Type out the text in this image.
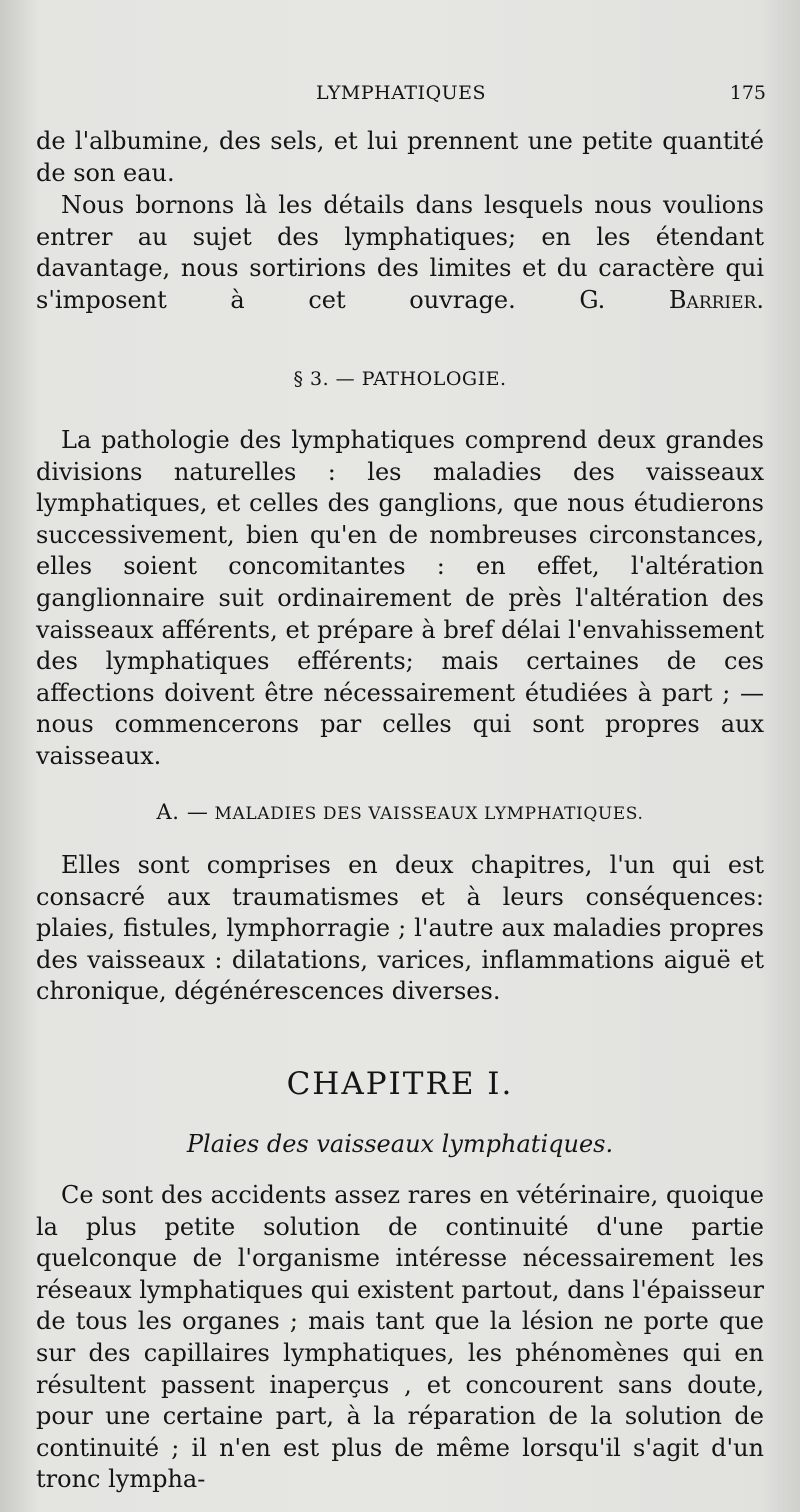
LYMPHATIQUES	175

de l'albumine, des sels, et lui prennent une petite quantité de son eau.

Nous bornons là les détails dans lesquels nous voulions entrer au sujet des lymphatiques; en les étendant davantage, nous sortirions des limites et du caractère qui s'imposent à cet ouvrage.	G. Barrier.

§ 3. — PATHOLOGIE.

La pathologie des lymphatiques comprend deux grandes divisions naturelles : les maladies des vaisseaux lymphatiques, et celles des ganglions, que nous étudierons successivement, bien qu'en de nombreuses circonstances, elles soient concomitantes : en effet, l'altération ganglionnaire suit ordinairement de près l'altération des vaisseaux afférents, et prépare à bref délai l'envahissement des lymphatiques efférents; mais certaines de ces affections doivent être nécessairement étudiées à part ; — nous commencerons par celles qui sont propres aux vaisseaux.

A. — MALADIES DES VAISSEAUX LYMPHATIQUES.

Elles sont comprises en deux chapitres, l'un qui est consacré aux traumatismes et à leurs conséquences: plaies, fistules, lymphorragie ; l'autre aux maladies propres des vaisseaux : dilatations, varices, inflammations aiguë et chronique, dégénérescences diverses.

CHAPITRE I.
Plaies des vaisseaux lymphatiques.

Ce sont des accidents assez rares en vétérinaire, quoique la plus petite solution de continuité d'une partie quelconque de l'organisme intéresse nécessairement les réseaux lymphatiques qui existent partout, dans l'épaisseur de tous les organes ; mais tant que la lésion ne porte que sur des capillaires lymphatiques, les phénomènes qui en résultent passent inaperçus , et concourent sans doute, pour une certaine part, à la réparation de la solution de continuité ; il n'en est plus de même lorsqu'il s'agit d'un tronc lympha-
